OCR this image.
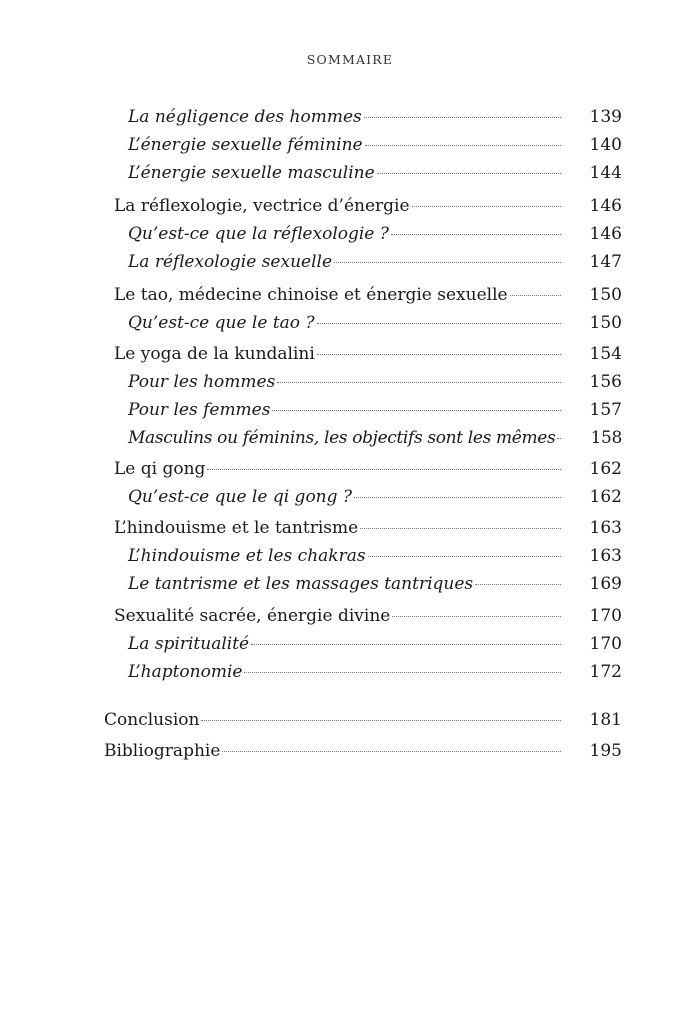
SOMMAIRE
La négligence des hommes	139
L’énergie sexuelle féminine	140
L’énergie sexuelle masculine	144
La réflexologie, vectrice d’énergie	146
Qu’est-ce que la réflexologie ?	146
La réflexologie sexuelle	147
Le tao, médecine chinoise et énergie sexuelle	150
Qu’est-ce que le tao ?	150
Le yoga de la kundalini	154
Pour les hommes	156
Pour les femmes	157
Masculins ou féminins, les objectifs sont les mêmes	158
Le qi gong	162
Qu’est-ce que le qi gong ?	162
L’hindouisme et le tantrisme	163
L’hindouisme et les chakras	163
Le tantrisme et les massages tantriques	169
Sexualité sacrée, énergie divine	170
La spiritualité	170
L’haptonomie	172
Conclusion	181
Bibliographie	195
